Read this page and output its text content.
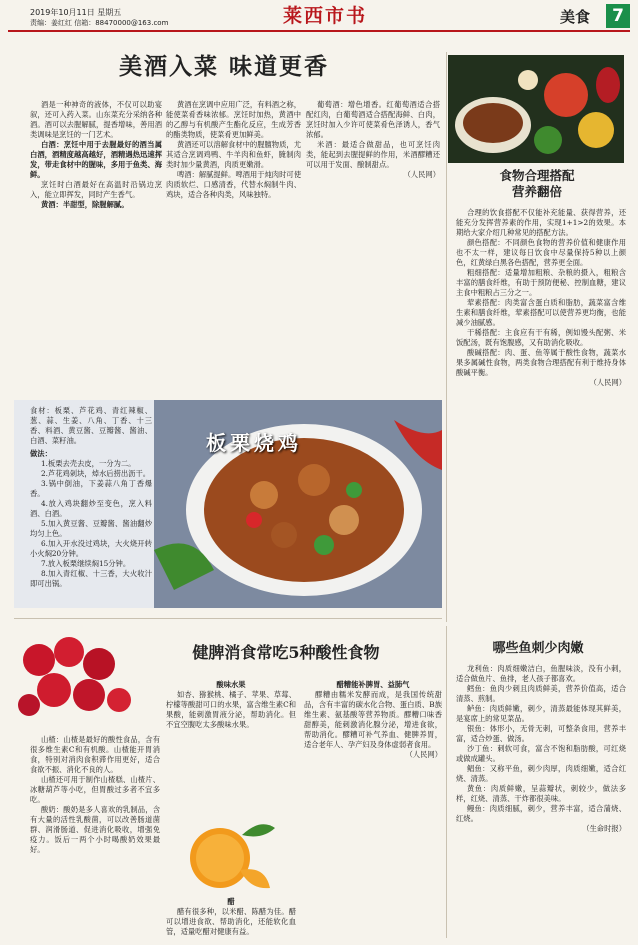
2019年10月11日 星期五
责编：姜红红 信箱：88470000@163.com	莱西市书	美食	7
美酒入菜 味道更香

酒是一种神奇的液体，不仅可以助宴叙，还可入药入菜。山东菜充分采纳各种酒。酒可以去腥解腻，提香增味，善用酒类调味是烹饪的一门艺术。

白酒：烹饪中用于去腥最好的酒当属白酒，酒精度越高越好，酒精遇热迅速挥发，带走食材中的腥味，多用于鱼类、海鲜。

烹饪时白酒最好在高温时沿锅边烹入，能立即挥发，同时产生香气。

黄酒：半甜型，除腥解腻。

黄酒在烹调中应用广泛，有料酒之称，能使菜肴香味浓郁。烹饪时加热，黄酒中的乙醇与有机酸产生酯化反应，生成芳香的酯类物质，使菜肴更加鲜美。

黄酒还可以溶解食材中的腥膻物质，尤其适合烹调鸡鸭、牛羊肉和鱼虾，腌制肉类时加少量黄酒，肉质更嫩滑。

啤酒：解腻提鲜。啤酒用于炖肉时可使肉质软烂、口感清香，代替水焖制牛肉、鸡块，适合各种肉类，风味独特。

葡萄酒：增色增香。红葡萄酒适合搭配红肉，白葡萄酒适合搭配海鲜、白肉，烹饪时加入少许可使菜肴色泽诱人，香气浓郁。

米酒：最适合做甜品，也可烹饪肉类，能起到去腥提鲜的作用，米酒醪糟还可以用于发面、酿制甜点。

（人民网）	食物合理搭配
营养翻倍

合理的饮食搭配不仅能补充能量、获得营养，还能充分发挥营养素的作用，实现1+1>2的效果。本期给大家介绍几种常见的搭配方法。

颜色搭配：不同颜色食物的营养价值和健康作用也不太一样，建议每日饮食中尽量保持5种以上颜色，红黄绿白黑各色搭配，营养更全面。

粗细搭配：适量增加粗粮、杂粮的摄入，粗粮含丰富的膳食纤维，有助于预防便秘、控制血糖，建议主食中粗粮占三分之一。

荤素搭配：肉类富含蛋白质和脂肪，蔬菜富含维生素和膳食纤维，荤素搭配可以使营养更均衡，也能减少油腻感。

干稀搭配：主食应有干有稀，例如馒头配粥、米饭配汤，既有饱腹感，又有助消化吸收。

酸碱搭配：肉、蛋、鱼等属于酸性食物，蔬菜水果多属碱性食物，两类食物合理搭配有利于维持身体酸碱平衡。

（人民网）

板栗烧鸡

食材：板栗、芦花鸡、青红辣椒、葱、蒜、生姜、八角、丁香、十三香、料酒、黄豆酱、豆瓣酱、酱油、白酒、菜籽油。

做法：

1.板栗去壳去皮，一分为二。

2.芦花鸡剁块，焯水后捞出沥干。

3.锅中倒油，下姜蒜八角丁香爆香。

4.放入鸡块翻炒至变色，烹入料酒、白酒。

5.加入黄豆酱、豆瓣酱、酱油翻炒均匀上色。

6.加入开水没过鸡块，大火烧开转小火焖20分钟。

7.放入板栗继续焖15分钟。

8.加入青红椒、十三香，大火收汁即可出锅。

健脾消食常吃5种酸性食物

山楂：山楂是最好的酸性食品，含有很多维生素C和有机酸。山楂能开胃消食，特别对消肉食积滞作用更好，适合食欲不振、消化不良的人。

山楂还可用于制作山楂糕、山楂片、冰糖葫芦等小吃，但胃酸过多者不宜多吃。

酸奶：酸奶是多人喜欢的乳制品，含有大量的活性乳酸菌，可以改善肠道菌群、润滑肠道、促进消化吸收，增强免疫力。饭后一两个小时喝酸奶效果最好。

酸味水果

如杏、猕猴桃、橘子、苹果、草莓、柠檬等酸甜可口的水果，富含维生素C和果酸，能刺激胃液分泌，帮助消化。但不宜空腹吃太多酸味水果。

醋

醋有很多种，以米醋、陈醋为佳。醋可以增进食欲、帮助消化，还能软化血管，适量吃醋对健康有益。

醋糟能补脾胃、益肺气

醪糟由糯米发酵而成，是我国传统甜品，含有丰富的碳水化合物、蛋白质、B族维生素、氨基酸等营养物质。醪糟口味香甜醇美，能刺激消化腺分泌，增进食欲，帮助消化。醪糟可补气养血、健脾养胃，适合老年人、孕产妇及身体虚弱者食用。

（人民网）

哪些鱼刺少肉嫩

龙利鱼：肉质细嫩洁白，鱼腥味淡，没有小刺，适合做鱼片、鱼排，老人孩子都喜欢。

鳕鱼：鱼肉少刺且肉质鲜美，营养价值高，适合清蒸、煎制。

鲈鱼：肉质鲜嫩，刺少，清蒸最能体现其鲜美，是宴席上的常见菜品。

银鱼：体形小，无骨无刺，可整条食用，营养丰富，适合炒蛋、做汤。

沙丁鱼：刺软可食，富含不饱和脂肪酸，可红烧或做成罐头。

鲳鱼：又称平鱼，刺少肉厚，肉质细嫩，适合红烧、清蒸。

黄鱼：肉质鲜嫩，呈蒜瓣状，刺较少，做法多样，红烧、清蒸、干炸都很美味。

鳗鱼：肉质细腻，刺少，营养丰富，适合蒲烧、红烧。

（生命时报）
